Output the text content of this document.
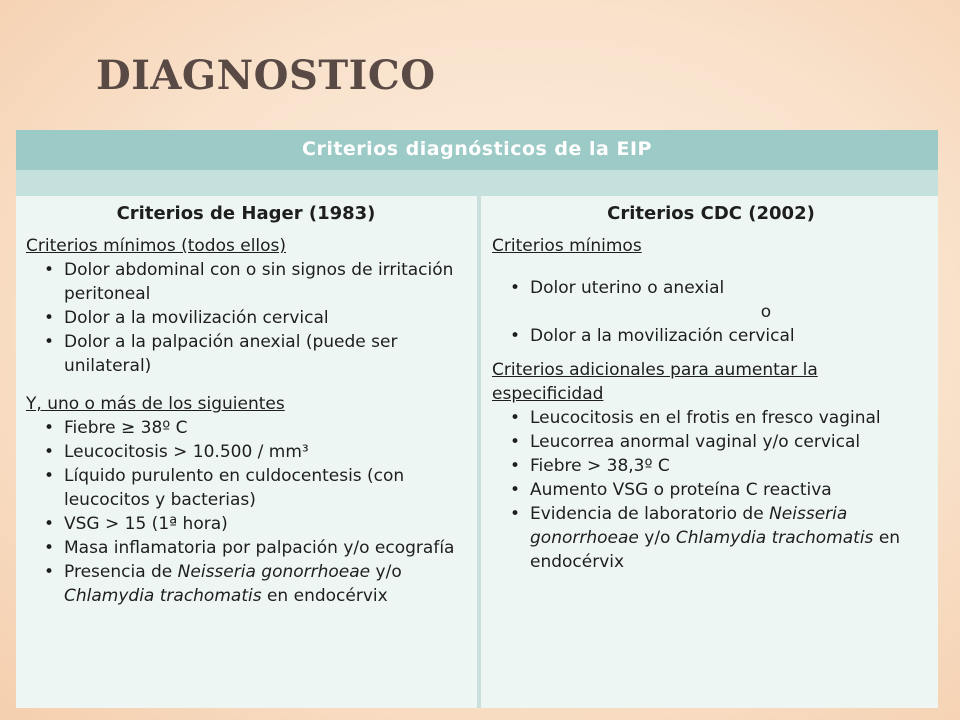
DIAGNOSTICO
Criterios diagnósticos de la EIP
Criterios de Hager (1983)

Criterios mínimos (todos ellos)

• Dolor abdominal con o sin signos de irritación peritoneal
• Dolor a la movilización cervical
• Dolor a la palpación anexial (puede ser unilateral)

Y, uno o más de los siguientes

• Fiebre ≥ 38º C
• Leucocitosis > 10.500 / mm³
• Líquido purulento en culdocentesis (con leucocitos y bacterias)
• VSG > 15 (1ª hora)
• Masa inflamatoria por palpación y/o ecografía
• Presencia de Neisseria gonorrhoeae y/o Chlamydia trachomatis en endocérvix
Criterios CDC (2002)

Criterios mínimos

• Dolor uterino o anexial

o

• Dolor a la movilización cervical

Criterios adicionales para aumentar la especificidad

• Leucocitosis en el frotis en fresco vaginal
• Leucorrea anormal vaginal y/o cervical
• Fiebre > 38,3º C
• Aumento VSG o proteína C reactiva
• Evidencia de laboratorio de Neisseria gonorrhoeae y/o Chlamydia trachomatis en endocérvix
